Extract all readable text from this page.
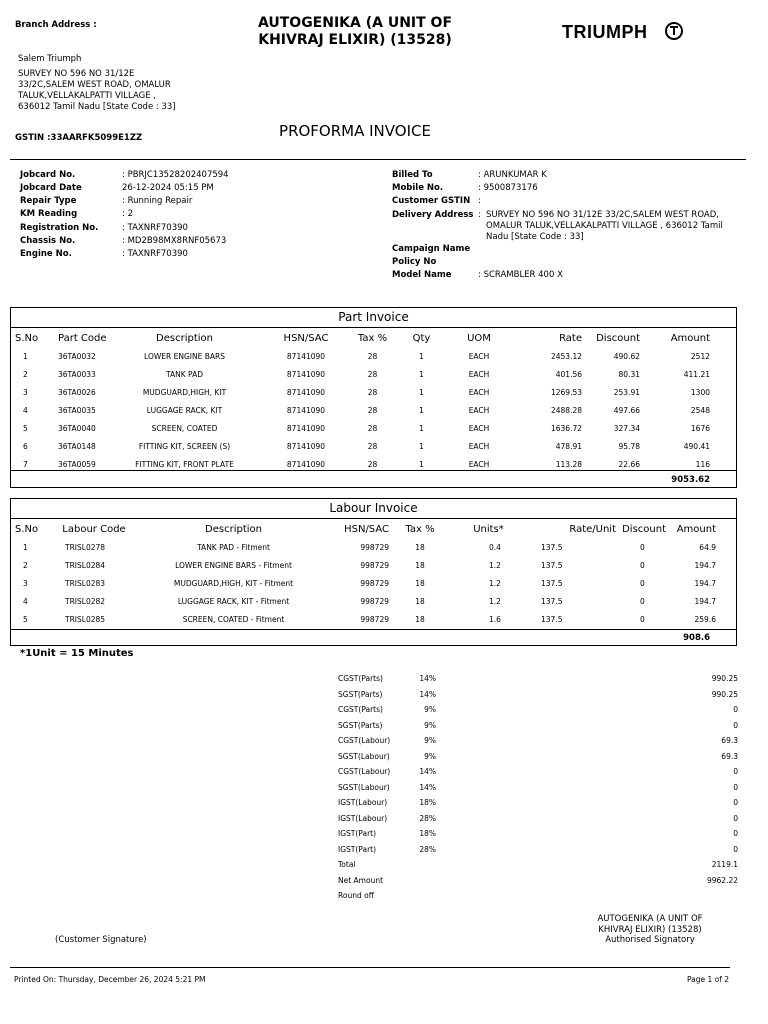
Branch Address :	AUTOGENIKA (A UNIT OF KHIVRAJ ELIXIR) (13528)	TRIUMPH
Salem Triumph
SURVEY NO 596 NO 31/12E
33/2C,SALEM WEST ROAD, OMALUR
TALUK,VELLAKALPATTI VILLAGE ,
636012 Tamil Nadu [State Code : 33]
GSTIN :33AARFK5099E1ZZ	PROFORMA INVOICE
Jobcard No.	: PBRJC13528202407594
Jobcard Date	26-12-2024 05:15 PM
Repair Type	: Running Repair
KM Reading	: 2
Registration No.	: TAXNRF70390
Chassis No.	: MD2B98MX8RNF05673
Engine No.	: TAXNRF70390
Billed To	: ARUNKUMAR K
Mobile No.	: 9500873176
Customer GSTIN :
Delivery Address : SURVEY NO 596 NO 31/12E 33/2C,SALEM WEST ROAD,
OMALUR TALUK,VELLAKALPATTI VILLAGE , 636012 Tamil
Nadu [State Code : 33]
Campaign Name
Policy No
Model Name	: SCRAMBLER 400 X
Part Invoice
S.No	Part Code	Description	HSN/SAC	Tax %	Qty	UOM	Rate	Discount	Amount	
1	36TA0032	LOWER ENGINE BARS	87141090	28	1	EACH	2453.12	490.62	2512	
2	36TA0033	TANK PAD	87141090	28	1	EACH	401.56	80.31	411.21	
3	36TA0026	MUDGUARD,HIGH, KIT	87141090	28	1	EACH	1269.53	253.91	1300	
4	36TA0035	LUGGAGE RACK, KIT	87141090	28	1	EACH	2488.28	497.66	2548	
5	36TA0040	SCREEN, COATED	87141090	28	1	EACH	1636.72	327.34	1676	
6	36TA0148	FITTING KIT, SCREEN (S)	87141090	28	1	EACH	478.91	95.78	490.41	
7	36TA0059	FITTING KIT, FRONT PLATE	87141090	28	1	EACH	113.28	22.66	116	
9053.62
Labour Invoice
S.No	Labour Code	Description	HSN/SAC	Tax %	Units*	Rate/Unit	Discount	Amount	
1	TRISL0278	TANK PAD - Fitment	998729	18	0.4	137.5	0	64.9	
2	TRISL0284	LOWER ENGINE BARS - Fitment	998729	18	1.2	137.5	0	194.7	
3	TRISL0283	MUDGUARD,HIGH, KIT - Fitment	998729	18	1.2	137.5	0	194.7	
4	TRISL0282	LUGGAGE RACK, KIT - Fitment	998729	18	1.2	137.5	0	194.7	
5	TRISL0285	SCREEN, COATED - Fitment	998729	18	1.6	137.5	0	259.6	
908.6
*1Unit = 15 Minutes
CGST(Parts)	14%	990.25
SGST(Parts)	14%	990.25
CGST(Parts)	9%	0
SGST(Parts)	9%	0
CGST(Labour)	9%	69.3
SGST(Labour)	9%	69.3
CGST(Labour)	14%	0
SGST(Labour)	14%	0
IGST(Labour)	18%	0
IGST(Labour)	28%	0
IGST(Part)	18%	0
IGST(Part)	28%	0
Total		2119.1
Net Amount		9962.22
Round off		
(Customer Signature)
AUTOGENIKA (A UNIT OF
KHIVRAJ ELIXIR) (13528)
Authorised Signatory
Printed On: Thursday, December 26, 2024 5:21 PM	Page 1 of 2
